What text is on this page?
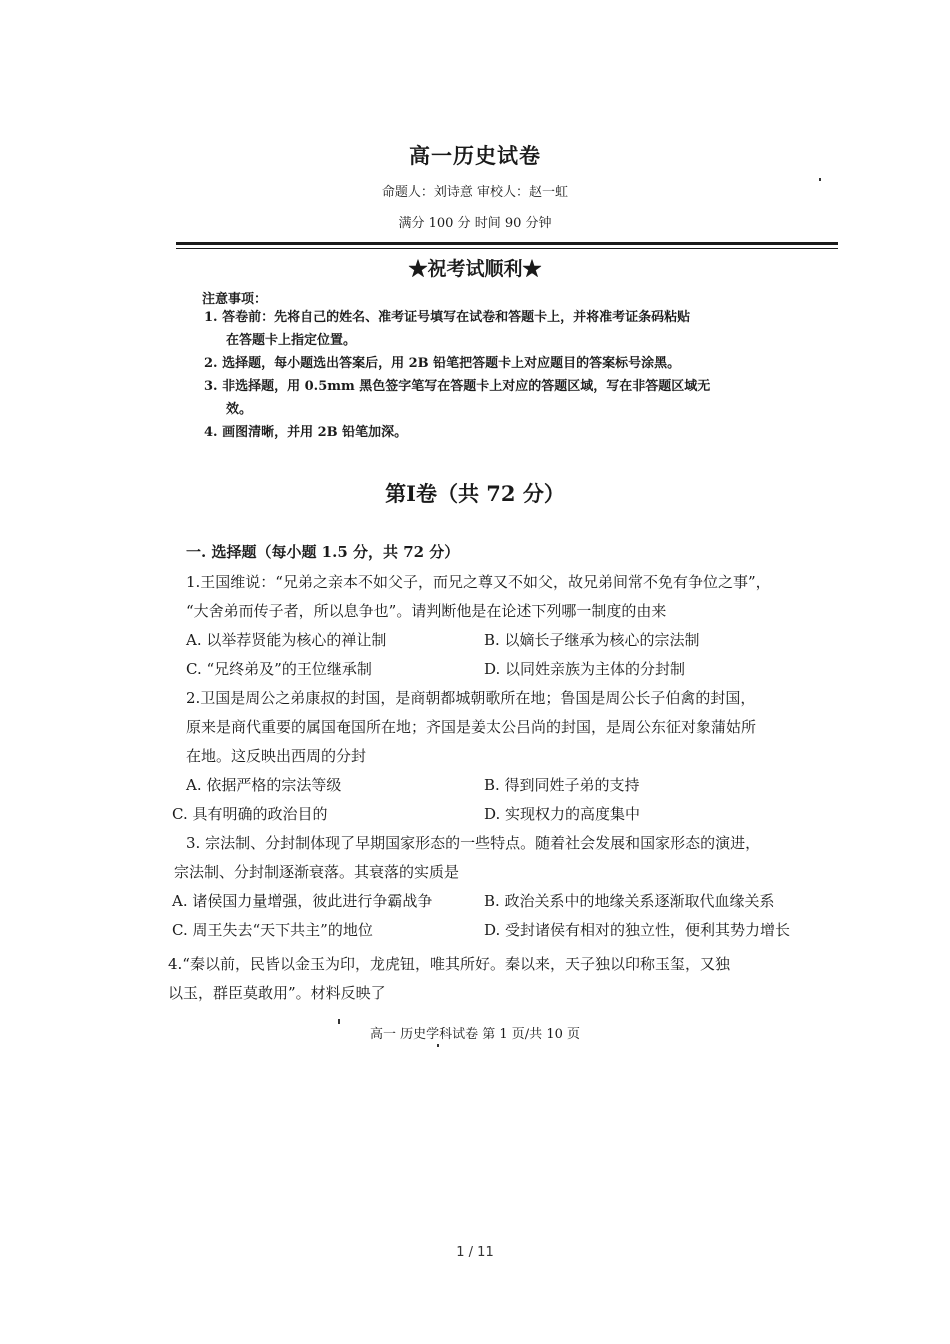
高一历史试卷
命题人：刘诗意 审校人：赵一虹
满分 100 分 时间 90 分钟
★祝考试顺利★
注意事项：
1. 答卷前：先将自己的姓名、准考证号填写在试卷和答题卡上，并将准考证条码粘贴
在答题卡上指定位置。
2. 选择题，每小题选出答案后，用 2B 铅笔把答题卡上对应题目的答案标号涂黑。
3. 非选择题，用 0.5mm 黑色签字笔写在答题卡上对应的答题区域，写在非答题区域无
效。
4. 画图清晰，并用 2B 铅笔加深。
第Ⅰ卷（共 72 分）
一. 选择题（每小题 1.5 分，共 72 分）
1.王国维说：“兄弟之亲本不如父子，而兄之尊又不如父，故兄弟间常不免有争位之事”，
“大舍弟而传子者，所以息争也”。请判断他是在论述下列哪一制度的由来
A. 以举荐贤能为核心的禅让制	B. 以嫡长子继承为核心的宗法制
C. “兄终弟及”的王位继承制	D. 以同姓亲族为主体的分封制
2.卫国是周公之弟康叔的封国，是商朝都城朝歌所在地；鲁国是周公长子伯禽的封国，
原来是商代重要的属国奄国所在地；齐国是姜太公吕尚的封国，是周公东征对象蒲姑所
在地。这反映出西周的分封
A. 依据严格的宗法等级	B. 得到同姓子弟的支持
C. 具有明确的政治目的	D. 实现权力的高度集中
3. 宗法制、分封制体现了早期国家形态的一些特点。随着社会发展和国家形态的演进，
宗法制、分封制逐渐衰落。其衰落的实质是
A. 诸侯国力量增强，彼此进行争霸战争	B. 政治关系中的地缘关系逐渐取代血缘关系
C. 周王失去“天下共主”的地位	D. 受封诸侯有相对的独立性，便利其势力增长
4.“秦以前，民皆以金玉为印，龙虎钮，唯其所好。秦以来，天子独以印称玉玺，又独
以玉，群臣莫敢用”。材料反映了
高一 历史学科试卷 第 1 页/共 10 页
1 / 11
